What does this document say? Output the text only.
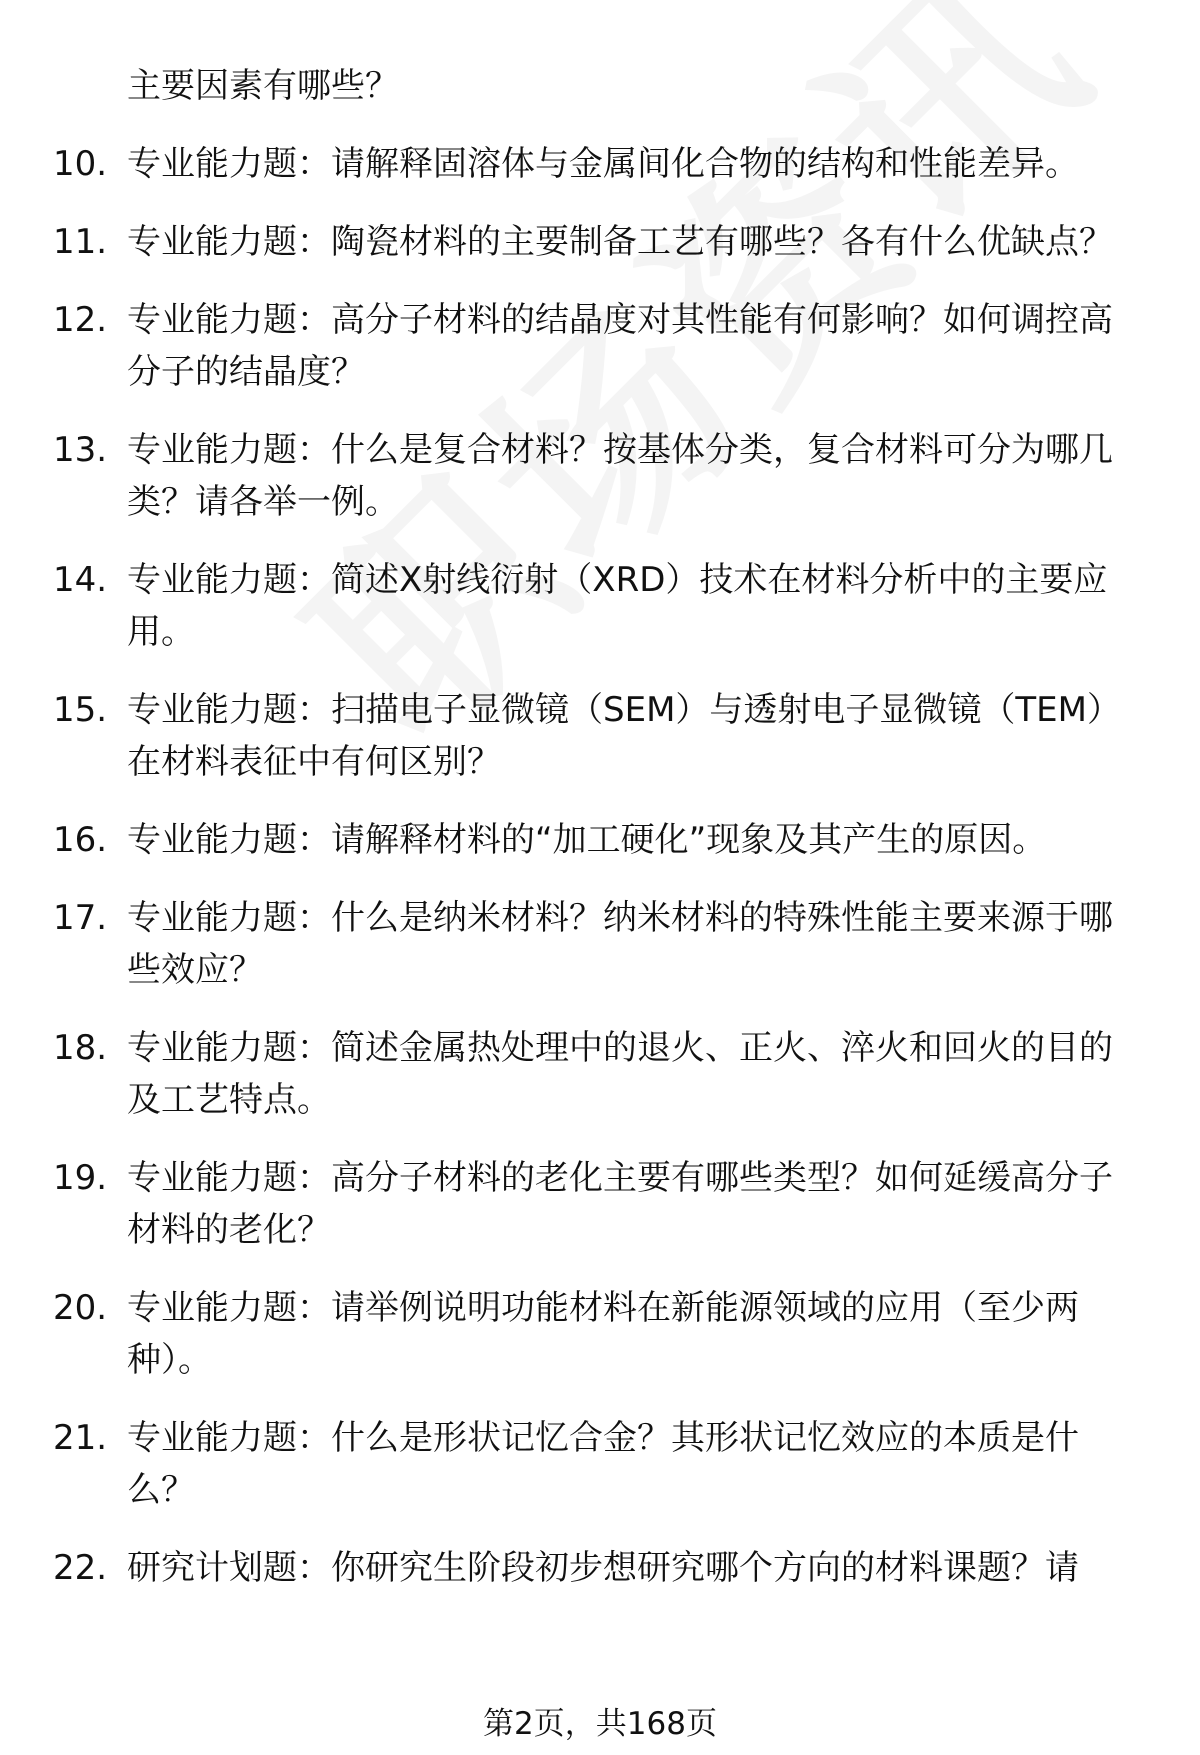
主要因素有哪些？
10. 专业能力题：请解释固溶体与金属间化合物的结构和性能差异。
11. 专业能力题：陶瓷材料的主要制备工艺有哪些？各有什么优缺点？
12. 专业能力题：高分子材料的结晶度对其性能有何影响？如何调控高分子的结晶度？
13. 专业能力题：什么是复合材料？按基体分类，复合材料可分为哪几类？请各举一例。
14. 专业能力题：简述X射线衍射（XRD）技术在材料分析中的主要应用。
15. 专业能力题：扫描电子显微镜（SEM）与透射电子显微镜（TEM）在材料表征中有何区别？
16. 专业能力题：请解释材料的“加工硬化”现象及其产生的原因。
17. 专业能力题：什么是纳米材料？纳米材料的特殊性能主要来源于哪些效应？
18. 专业能力题：简述金属热处理中的退火、正火、淬火和回火的目的及工艺特点。
19. 专业能力题：高分子材料的老化主要有哪些类型？如何延缓高分子材料的老化？
20. 专业能力题：请举例说明功能材料在新能源领域的应用（至少两种）。
21. 专业能力题：什么是形状记忆合金？其形状记忆效应的本质是什么？
22. 研究计划题：你研究生阶段初步想研究哪个方向的材料课题？请
第2页，共168页
